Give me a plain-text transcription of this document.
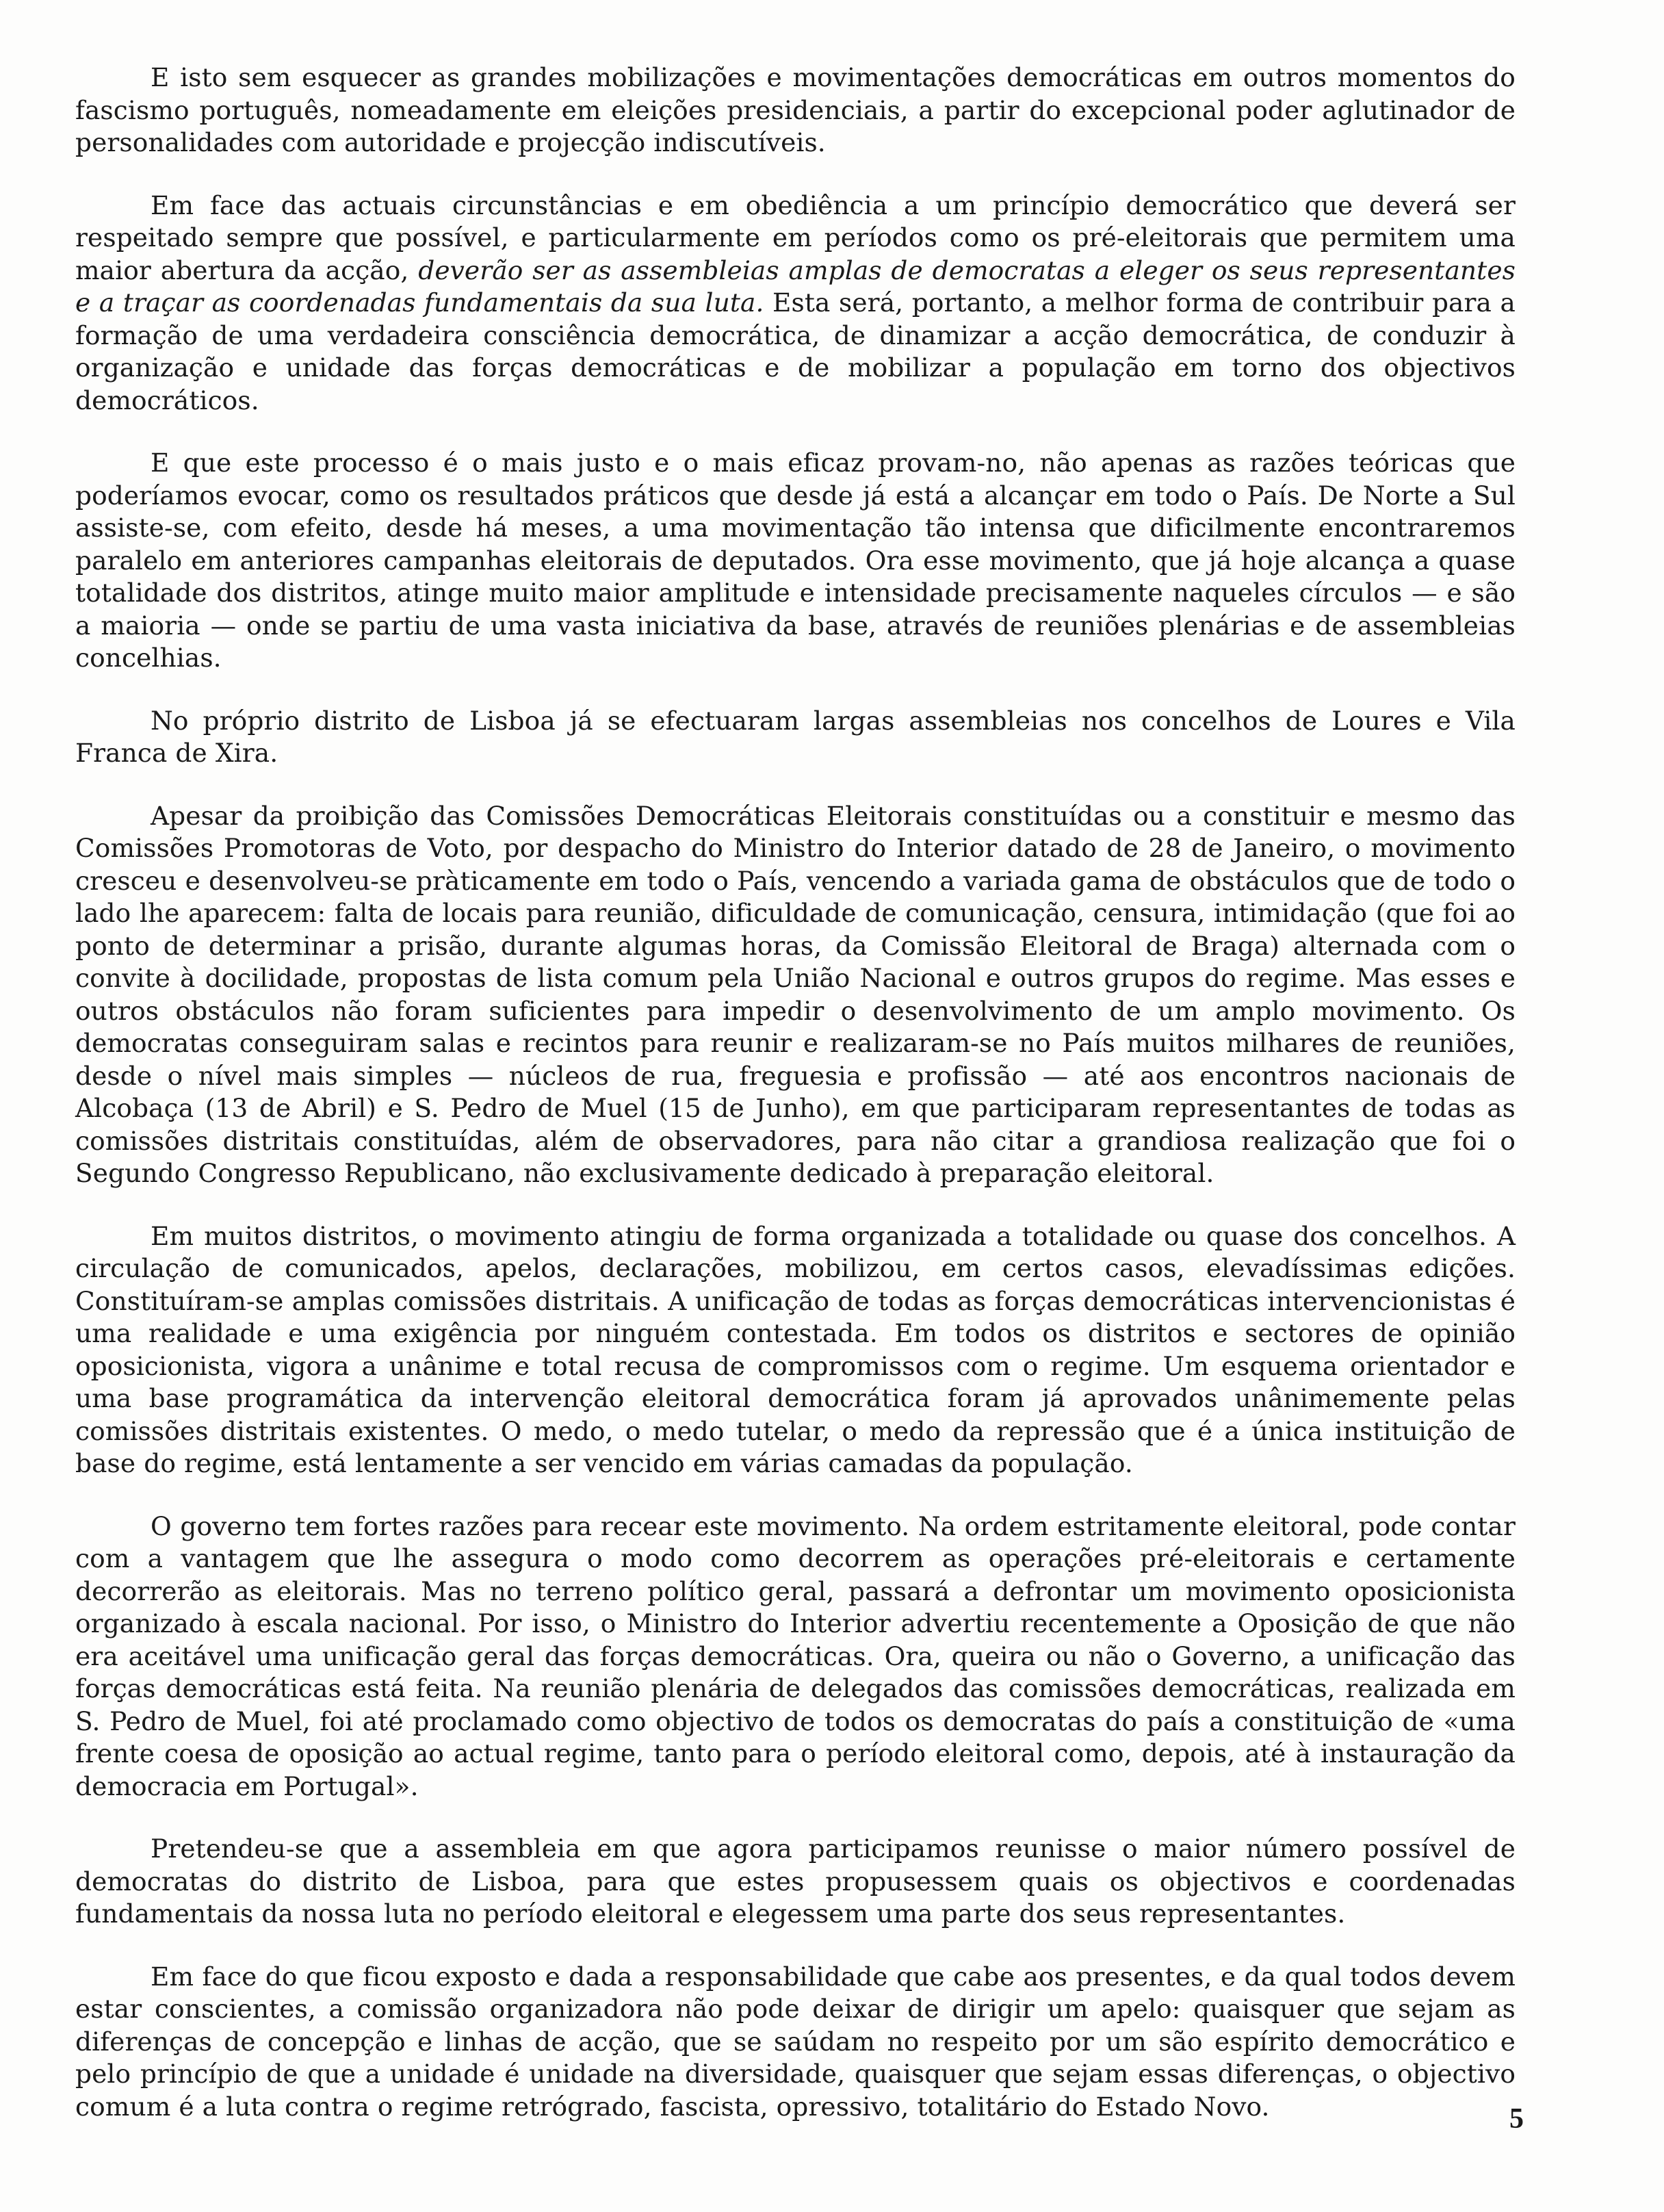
E isto sem esquecer as grandes mobilizações e movimentações democráticas em outros momentos do fascismo português, nomeadamente em eleições presidenciais, a partir do excepcional poder aglutinador de personalidades com autoridade e projecção indiscutíveis.

Em face das actuais circunstâncias e em obediência a um princípio democrático que deverá ser respeitado sempre que possível, e particularmente em períodos como os pré-eleitorais que permitem uma maior abertura da acção, deverão ser as assembleias amplas de democratas a eleger os seus representantes e a traçar as coordenadas fundamentais da sua luta. Esta será, portanto, a melhor forma de contribuir para a formação de uma verdadeira consciência democrática, de dinamizar a acção democrática, de conduzir à organização e unidade das forças democráticas e de mobilizar a população em torno dos objectivos democráticos.

E que este processo é o mais justo e o mais eficaz provam-no, não apenas as razões teóricas que poderíamos evocar, como os resultados práticos que desde já está a alcançar em todo o País. De Norte a Sul assiste-se, com efeito, desde há meses, a uma movimentação tão intensa que dificilmente encontraremos paralelo em anteriores campanhas eleitorais de deputados. Ora esse movimento, que já hoje alcança a quase totalidade dos distritos, atinge muito maior amplitude e intensidade precisamente naqueles círculos — e são a maioria — onde se partiu de uma vasta iniciativa da base, através de reuniões plenárias e de assembleias concelhias.

No próprio distrito de Lisboa já se efectuaram largas assembleias nos concelhos de Loures e Vila Franca de Xira.

Apesar da proibição das Comissões Democráticas Eleitorais constituídas ou a constituir e mesmo das Comissões Promotoras de Voto, por despacho do Ministro do Interior datado de 28 de Janeiro, o movimento cresceu e desenvolveu-se pràticamente em todo o País, vencendo a variada gama de obstáculos que de todo o lado lhe aparecem: falta de locais para reunião, dificuldade de comunicação, censura, intimidação (que foi ao ponto de determinar a prisão, durante algumas horas, da Comissão Eleitoral de Braga) alternada com o convite à docilidade, propostas de lista comum pela União Nacional e outros grupos do regime. Mas esses e outros obstáculos não foram suficientes para impedir o desenvolvimento de um amplo movimento. Os democratas conseguiram salas e recintos para reunir e realizaram-se no País muitos milhares de reuniões, desde o nível mais simples — núcleos de rua, freguesia e profissão — até aos encontros nacionais de Alcobaça (13 de Abril) e S. Pedro de Muel (15 de Junho), em que participaram representantes de todas as comissões distritais constituídas, além de observadores, para não citar a grandiosa realização que foi o Segundo Congresso Republicano, não exclusivamente dedicado à preparação eleitoral.

Em muitos distritos, o movimento atingiu de forma organizada a totalidade ou quase dos concelhos. A circulação de comunicados, apelos, declarações, mobilizou, em certos casos, elevadíssimas edições. Constituíram-se amplas comissões distritais. A unificação de todas as forças democráticas intervencionistas é uma realidade e uma exigência por ninguém contestada. Em todos os distritos e sectores de opinião oposicionista, vigora a unânime e total recusa de compromissos com o regime. Um esquema orientador e uma base programática da intervenção eleitoral democrática foram já aprovados unânimemente pelas comissões distritais existentes. O medo, o medo tutelar, o medo da repressão que é a única instituição de base do regime, está lentamente a ser vencido em várias camadas da população.

O governo tem fortes razões para recear este movimento. Na ordem estritamente eleitoral, pode contar com a vantagem que lhe assegura o modo como decorrem as operações pré-eleitorais e certamente decorrerão as eleitorais. Mas no terreno político geral, passará a defrontar um movimento oposicionista organizado à escala nacional. Por isso, o Ministro do Interior advertiu recentemente a Oposição de que não era aceitável uma unificação geral das forças democráticas. Ora, queira ou não o Governo, a unificação das forças democráticas está feita. Na reunião plenária de delegados das comissões democráticas, realizada em S. Pedro de Muel, foi até proclamado como objectivo de todos os democratas do país a constituição de «uma frente coesa de oposição ao actual regime, tanto para o período eleitoral como, depois, até à instauração da democracia em Portugal».

Pretendeu-se que a assembleia em que agora participamos reunisse o maior número possível de democratas do distrito de Lisboa, para que estes propusessem quais os objectivos e coordenadas fundamentais da nossa luta no período eleitoral e elegessem uma parte dos seus representantes.

Em face do que ficou exposto e dada a responsabilidade que cabe aos presentes, e da qual todos devem estar conscientes, a comissão organizadora não pode deixar de dirigir um apelo: quaisquer que sejam as diferenças de concepção e linhas de acção, que se saúdam no respeito por um são espírito democrático e pelo princípio de que a unidade é unidade na diversidade, quaisquer que sejam essas diferenças, o objectivo comum é a luta contra o regime retrógrado, fascista, opressivo, totalitário do Estado Novo.	5
